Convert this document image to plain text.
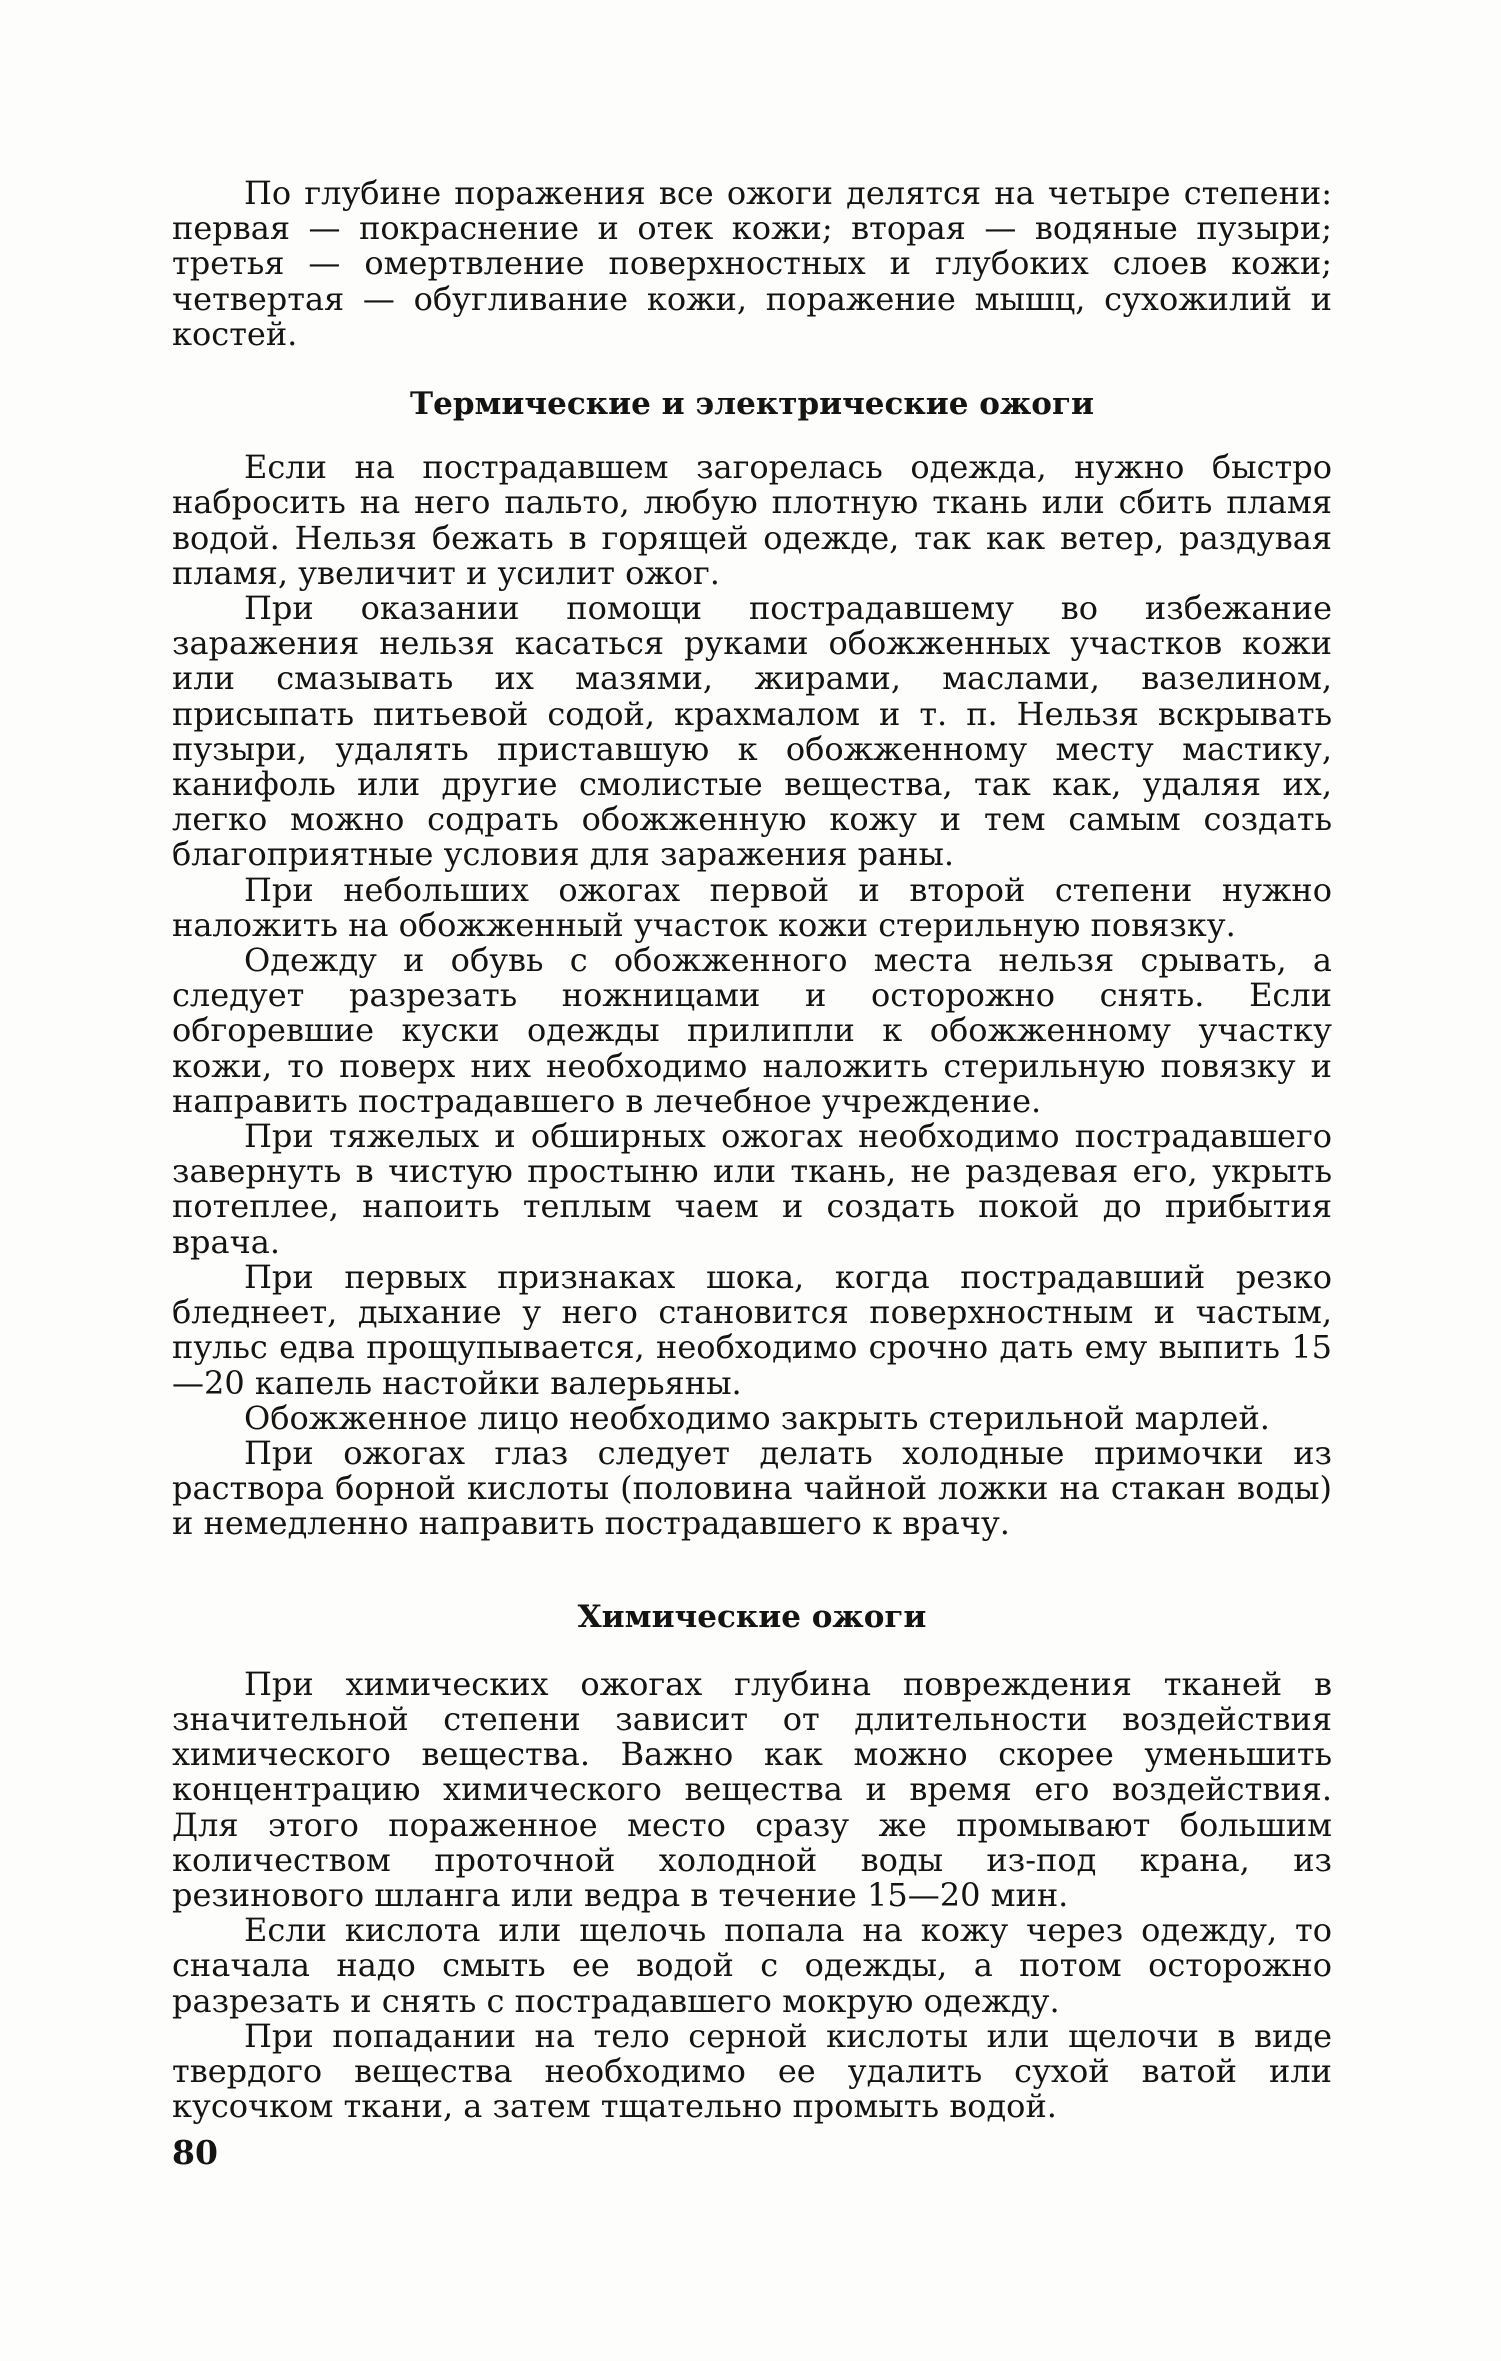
По глубине поражения все ожоги делятся на четыре степени: первая — покраснение и отек кожи; вторая — водяные пузыри; третья — омертвление поверхностных и глубоких слоев кожи; четвертая — обугливание кожи, поражение мышц, сухожилий и костей.

Термические и электрические ожоги

Если на пострадавшем загорелась одежда, нужно быстро набросить на него пальто, любую плотную ткань или сбить пламя водой. Нельзя бежать в горящей одежде, так как ветер, раздувая пламя, увеличит и усилит ожог.

При оказании помощи пострадавшему во избежание заражения нельзя касаться руками обожженных участков кожи или смазывать их мазями, жирами, маслами, вазелином, присыпать питьевой содой, крахмалом и т. п. Нельзя вскрывать пузыри, удалять приставшую к обожженному месту мастику, канифоль или другие смолистые вещества, так как, удаляя их, легко можно содрать обожженную кожу и тем самым создать благоприятные условия для заражения раны.

При небольших ожогах первой и второй степени нужно наложить на обожженный участок кожи стерильную повязку.

Одежду и обувь с обожженного места нельзя срывать, а следует разрезать ножницами и осторожно снять. Если обгоревшие куски одежды прилипли к обожженному участку кожи, то поверх них необходимо наложить стерильную повязку и направить пострадавшего в лечебное учреждение.

При тяжелых и обширных ожогах необходимо пострадавшего завернуть в чистую простыню или ткань, не раздевая его, укрыть потеплее, напоить теплым чаем и создать покой до прибытия врача.

При первых признаках шока, когда пострадавший резко бледнеет, дыхание у него становится поверхностным и частым, пульс едва прощупывается, необходимо срочно дать ему выпить 15—20 капель настойки валерьяны.

Обожженное лицо необходимо закрыть стерильной марлей.

При ожогах глаз следует делать холодные примочки из раствора борной кислоты (половина чайной ложки на стакан воды) и немедленно направить пострадавшего к врачу.

Химические ожоги

При химических ожогах глубина повреждения тканей в значительной степени зависит от длительности воздействия химического вещества. Важно как можно скорее уменьшить концентрацию химического вещества и время его воздействия. Для этого пораженное место сразу же промывают большим количеством проточной холодной воды из-под крана, из резинового шланга или ведра в течение 15—20 мин.

Если кислота или щелочь попала на кожу через одежду, то сначала надо смыть ее водой с одежды, а потом осторожно разрезать и снять с пострадавшего мокрую одежду.

При попадании на тело серной кислоты или щелочи в виде твердого вещества необходимо ее удалить сухой ватой или кусочком ткани, а затем тщательно промыть водой.

80
